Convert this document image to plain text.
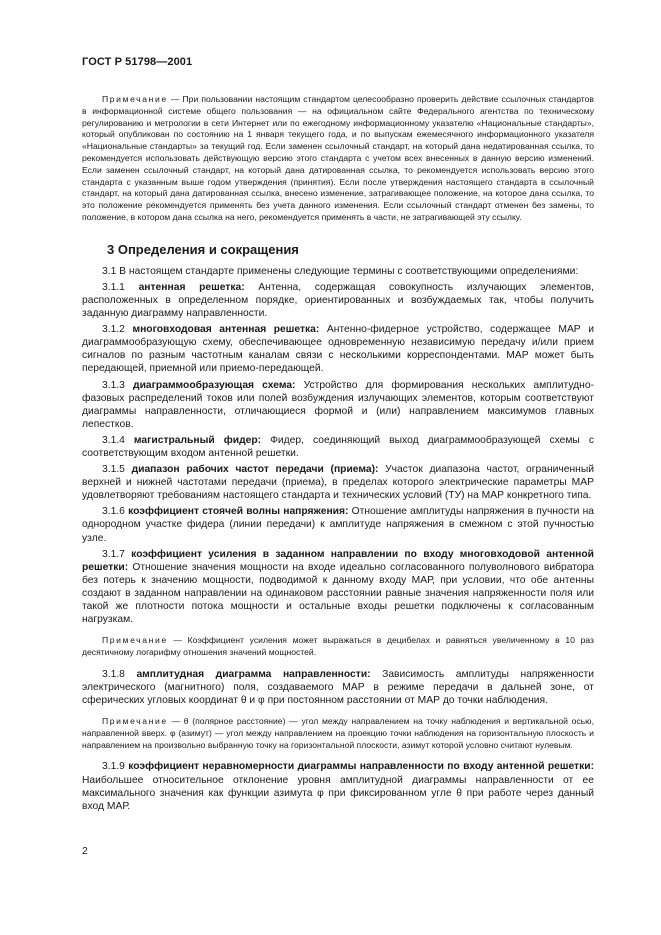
ГОСТ Р 51798—2001

Примечание — При пользовании настоящим стандартом целесообразно проверить действие ссылочных стандартов в информационной системе общего пользования — на официальном сайте Федерального агентства по техническому регулированию и метрологии в сети Интернет или по ежегодному информационному указателю «Национальные стандарты», который опубликован по состоянию на 1 января текущего года, и по выпускам ежемесячного информационного указателя «Национальные стандарты» за текущий год. Если заменен ссылочный стандарт, на который дана недатированная ссылка, то рекомендуется использовать действующую версию этого стандарта с учетом всех внесенных в данную версию изменений. Если заменен ссылочный стандарт, на который дана датированная ссылка, то рекомендуется использовать версию этого стандарта с указанным выше годом утверждения (принятия). Если после утверждения настоящего стандарта в ссылочный стандарт, на который дана датированная ссылка, внесено изменение, затрагивающее положение, на которое дана ссылка, то это положение рекомендуется применять без учета данного изменения. Если ссылочный стандарт отменен без замены, то положение, в котором дана ссылка на него, рекомендуется применять в части, не затрагивающей эту ссылку.

3 Определения и сокращения

3.1 В настоящем стандарте применены следующие термины с соответствующими определениями:

3.1.1 антенная решетка: Антенна, содержащая совокупность излучающих элементов, расположенных в определенном порядке, ориентированных и возбуждаемых так, чтобы получить заданную диаграмму направленности.

3.1.2 многовходовая антенная решетка: Антенно-фидерное устройство, содержащее МАР и диаграммообразующую схему, обеспечивающее одновременную независимую передачу и/или прием сигналов по разным частотным каналам связи с несколькими корреспондентами. МАР может быть передающей, приемной или приемо-передающей.

3.1.3 диаграммообразующая схема: Устройство для формирования нескольких амплитудно-фазовых распределений токов или полей возбуждения излучающих элементов, которым соответствуют диаграммы направленности, отличающиеся формой и (или) направлением максимумов главных лепестков.

3.1.4 магистральный фидер: Фидер, соединяющий выход диаграммообразующей схемы с соответствующим входом антенной решетки.

3.1.5 диапазон рабочих частот передачи (приема): Участок диапазона частот, ограниченный верхней и нижней частотами передачи (приема), в пределах которого электрические параметры МАР удовлетворяют требованиям настоящего стандарта и технических условий (ТУ) на МАР конкретного типа.

3.1.6 коэффициент стоячей волны напряжения: Отношение амплитуды напряжения в пучности на однородном участке фидера (линии передачи) к амплитуде напряжения в смежном с этой пучностью узле.

3.1.7 коэффициент усиления в заданном направлении по входу многовходовой антенной решетки: Отношение значения мощности на входе идеально согласованного полуволнового вибратора без потерь к значению мощности, подводимой к данному входу МАР, при условии, что обе антенны создают в заданном направлении на одинаковом расстоянии равные значения напряженности поля или такой же плотности потока мощности и остальные входы решетки подключены к согласованным нагрузкам.

Примечание — Коэффициент усиления может выражаться в децибелах и равняться увеличенному в 10 раз десятичному логарифму отношения значений мощностей.

3.1.8 амплитудная диаграмма направленности: Зависимость амплитуды напряженности электрического (магнитного) поля, создаваемого МАР в режиме передачи в дальней зоне, от сферических угловых координат θ и φ при постоянном расстоянии от МАР до точки наблюдения.

Примечание — θ (полярное расстояние) — угол между направлением на точку наблюдения и вертикальной осью, направленной вверх. φ (азимут) — угол между направлением на проекцию точки наблюдения на горизонтальную плоскость и направлением на произвольно выбранную точку на горизонтальной плоскости, азимут которой условно считают нулевым.

3.1.9 коэффициент неравномерности диаграммы направленности по входу антенной решетки: Наибольшее относительное отклонение уровня амплитудной диаграммы направленности от ее максимального значения как функции азимута φ при фиксированном угле θ при работе через данный вход МАР.

2
